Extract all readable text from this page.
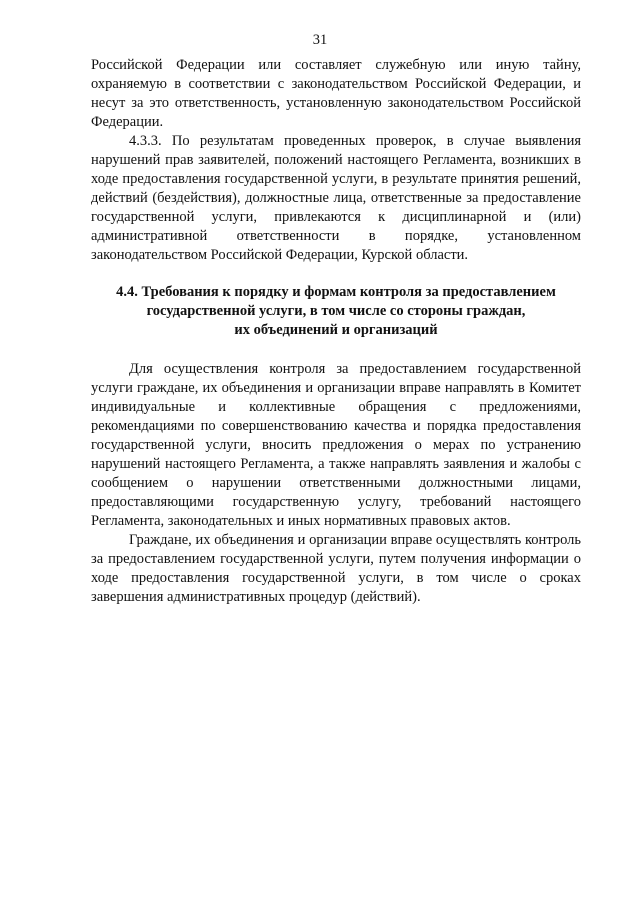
31

Российской Федерации или составляет служебную или иную тайну, охраняемую в соответствии с законодательством Российской Федерации, и несут за это ответственность, установленную законодательством Российской Федерации.

4.3.3. По результатам проведенных проверок, в случае выявления нарушений прав заявителей, положений настоящего Регламента, возникших в ходе предоставления государственной услуги, в результате принятия решений, действий (бездействия), должностные лица, ответственные за предоставление государственной услуги, привлекаются к дисциплинарной и (или) административной ответственности в порядке, установленном законодательством Российской Федерации, Курской области.

4.4. Требования к порядку и формам контроля за предоставлением
государственной услуги, в том числе со стороны граждан,
их объединений и организаций

Для осуществления контроля за предоставлением государственной услуги граждане, их объединения и организации вправе направлять в Комитет индивидуальные и коллективные обращения с предложениями, рекомендациями по совершенствованию качества и порядка предоставления государственной услуги, вносить предложения о мерах по устранению нарушений настоящего Регламента, а также направлять заявления и жалобы с сообщением о нарушении ответственными должностными лицами, предоставляющими государственную услугу, требований настоящего Регламента, законодательных и иных нормативных правовых актов.

Граждане, их объединения и организации вправе осуществлять контроль за предоставлением государственной услуги, путем получения информации о ходе предоставления государственной услуги, в том числе о сроках завершения административных процедур (действий).
